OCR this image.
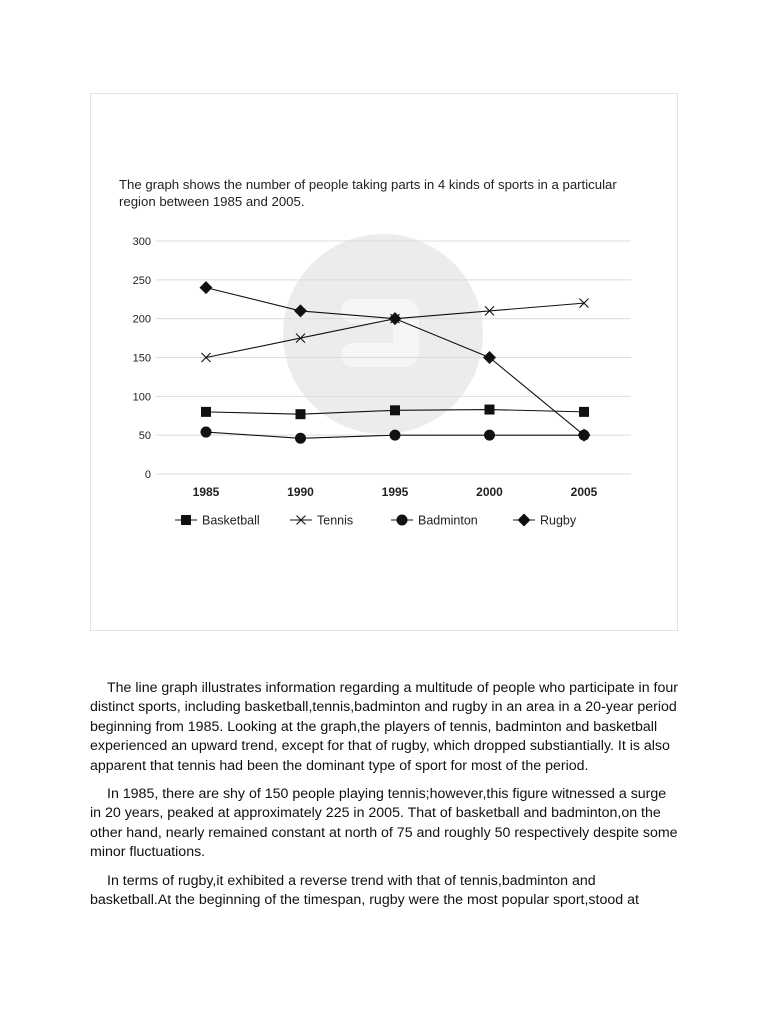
The graph shows the number of people taking parts in 4 kinds of sports in a particular
region between 1985 and 2005.
0
50
100
150
200
250
300
1985	1990	1995	2000	2005
Basketball	Tennis	Badminton	Rugby

The line graph illustrates information regarding a multitude of people who participate in four distinct sports, including basketball,tennis,badminton and rugby in an area in a 20-year period beginning from 1985. Looking at the graph,the players of tennis, badminton and basketball experienced an upward trend, except for that of rugby, which dropped substiantially. It is also apparent that tennis had been the dominant type of sport for most of the period.

In 1985, there are shy of 150 people playing tennis;however,this figure witnessed a surge in 20 years, peaked at approximately 225 in 2005. That of basketball and badminton,on the other hand, nearly remained constant at north of 75 and roughly 50 respectively despite some minor fluctuations.

In terms of rugby,it exhibited a reverse trend with that of tennis,badminton and basketball.At the beginning of the timespan, rugby were the most popular sport,stood at
